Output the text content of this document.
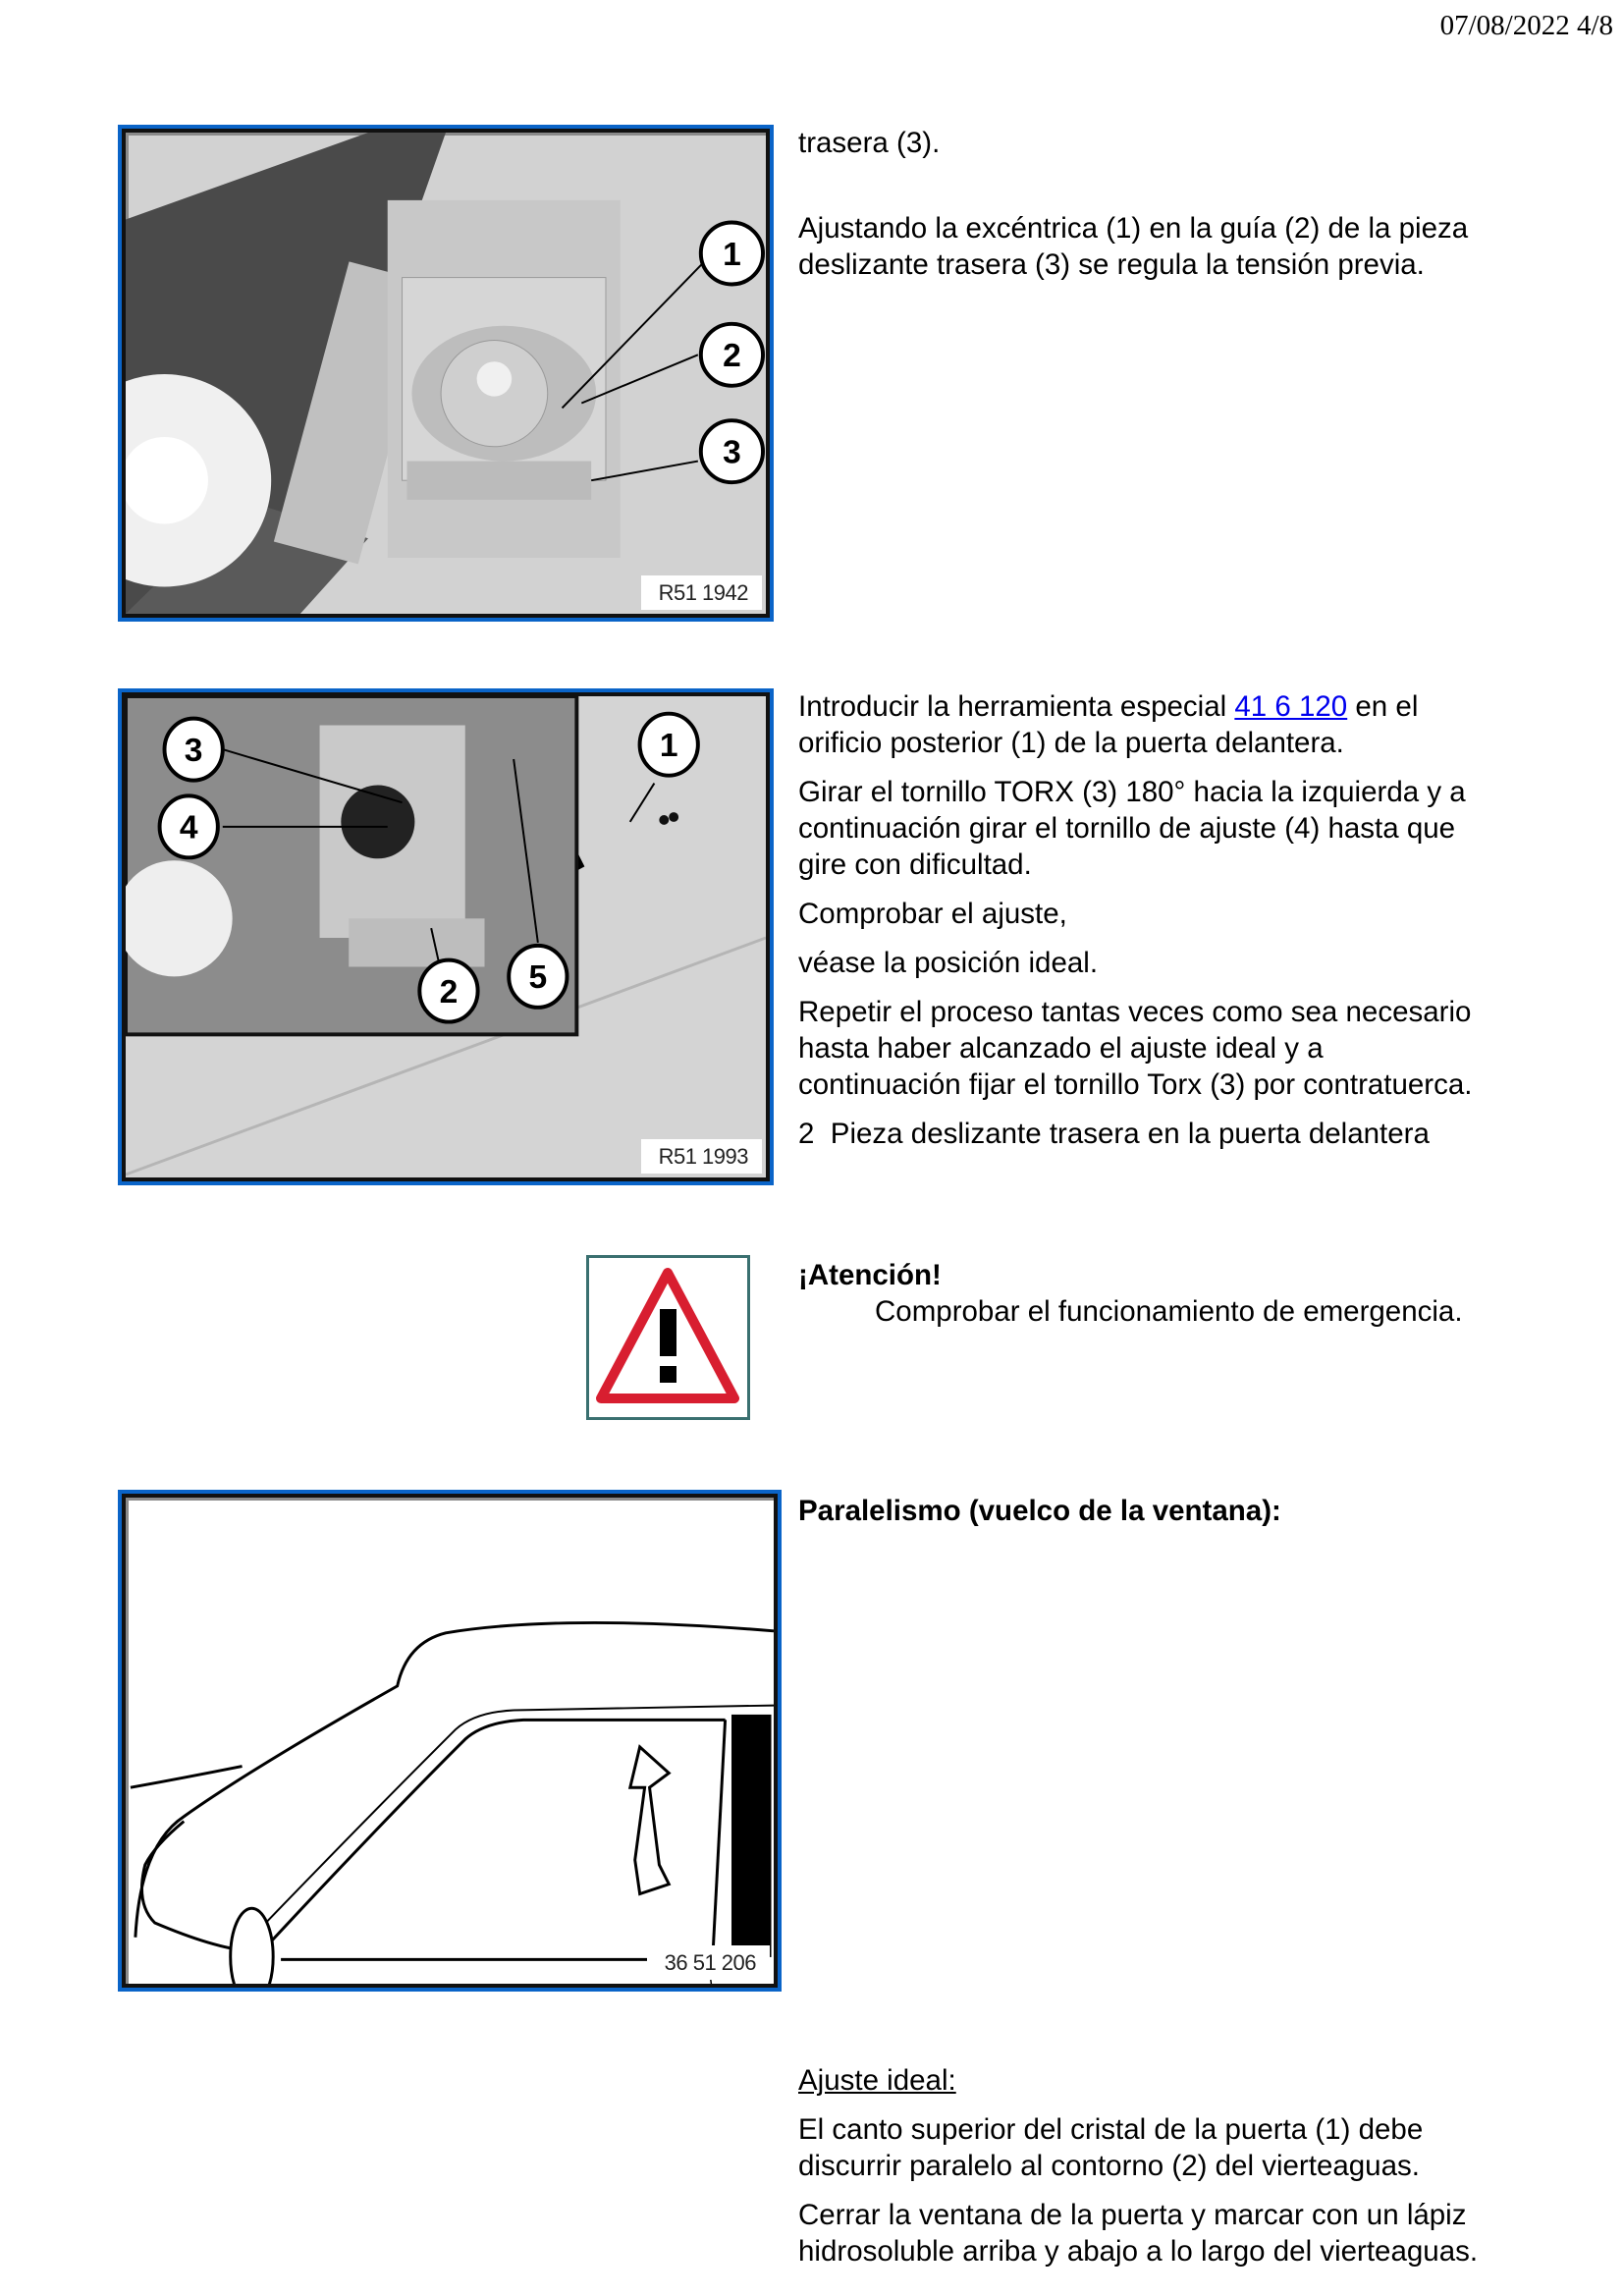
07/08/2022 4/8
1
2
3
R51 1942

trasera (3).

Ajustando la excéntrica (1) en la guía (2) de la pieza
deslizante trasera (3) se regula la tensión previa.

3
4
1
2 5
R51 1993

Introducir la herramienta especial 41 6 120 en el
orificio posterior (1) de la puerta delantera.

Girar el tornillo TORX (3) 180° hacia la izquierda y a
continuación girar el tornillo de ajuste (4) hasta que
gire con dificultad.

Comprobar el ajuste,

véase la posición ideal.

Repetir el proceso tantas veces como sea necesario
hasta haber alcanzado el ajuste ideal y a
continuación fijar el tornillo Torx (3) por contratuerca.

2  Pieza deslizante trasera en la puerta delantera

¡Atención!

Comprobar el funcionamiento de emergencia.

36 51 206

Paralelismo (vuelco de la ventana):

Ajuste ideal:

El canto superior del cristal de la puerta (1) debe
discurrir paralelo al contorno (2) del vierteaguas.

Cerrar la ventana de la puerta y marcar con un lápiz
hidrosoluble arriba y abajo a lo largo del vierteaguas.
